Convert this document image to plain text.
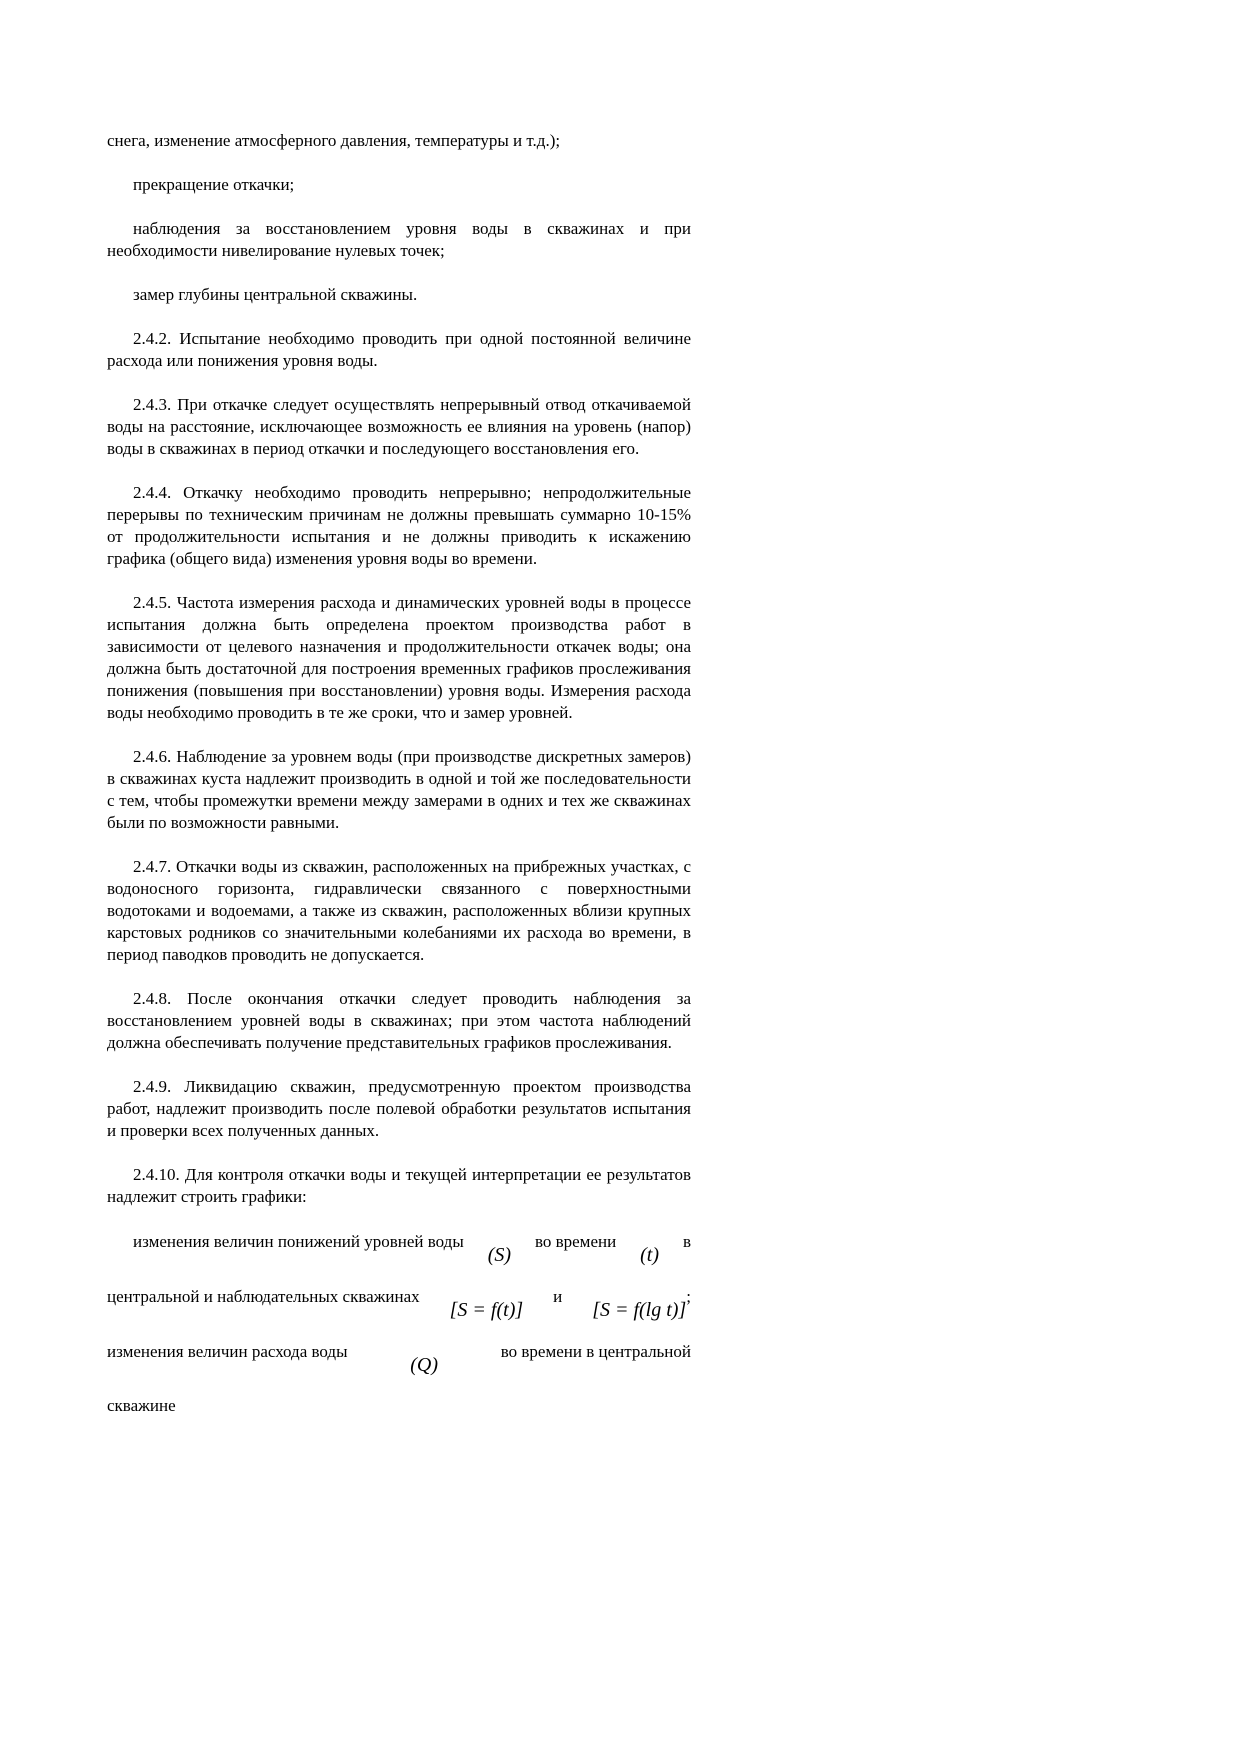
снега, изменение атмосферного давления, температуры и т.д.);

прекращение откачки;

наблюдения за восстановлением уровня воды в скважинах и при необходимости нивелирование нулевых точек;

замер глубины центральной скважины.

2.4.2. Испытание необходимо проводить при одной постоянной величине расхода или понижения уровня воды.

2.4.3. При откачке следует осуществлять непрерывный отвод откачиваемой воды на расстояние, исключающее возможность ее влияния на уровень (напор) воды в скважинах в период откачки и последующего восстановления его.

2.4.4. Откачку необходимо проводить непрерывно; непродолжительные перерывы по техническим причинам не должны превышать суммарно 10-15% от продолжительности испытания и не должны приводить к искажению графика (общего вида) изменения уровня воды во времени.

2.4.5. Частота измерения расхода и динамических уровней воды в процессе испытания должна быть определена проектом производства работ в зависимости от целевого назначения и продолжительности откачек воды; она должна быть достаточной для построения временных графиков прослеживания понижения (повышения при восстановлении) уровня воды. Измерения расхода воды необходимо проводить в те же сроки, что и замер уровней.

2.4.6. Наблюдение за уровнем воды (при производстве дискретных замеров) в скважинах куста надлежит производить в одной и той же последовательности с тем, чтобы промежутки времени между замерами в одних и тех же скважинах были по возможности равными.

2.4.7. Откачки воды из скважин, расположенных на прибрежных участках, с водоносного горизонта, гидравлически связанного с поверхностными водотоками и водоемами, а также из скважин, расположенных вблизи крупных карстовых родников со значительными колебаниями их расхода во времени, в период паводков проводить не допускается.

2.4.8. После окончания откачки следует проводить наблюдения за восстановлением уровней воды в скважинах; при этом частота наблюдений должна обеспечивать получение представительных графиков прослеживания.

2.4.9. Ликвидацию скважин, предусмотренную проектом производства работ, надлежит производить после полевой обработки результатов испытания и проверки всех полученных данных.

2.4.10. Для контроля откачки воды и текущей интерпретации ее результатов надлежит строить графики:

изменения величин понижений уровней воды
(S)
во времени
(t)
в
центральной и наблюдательных скважинах
[S = f(t)]
и
[S = f(lg t)]
;
изменения величин расхода воды
(Q)
во времени в центральной

скважине
